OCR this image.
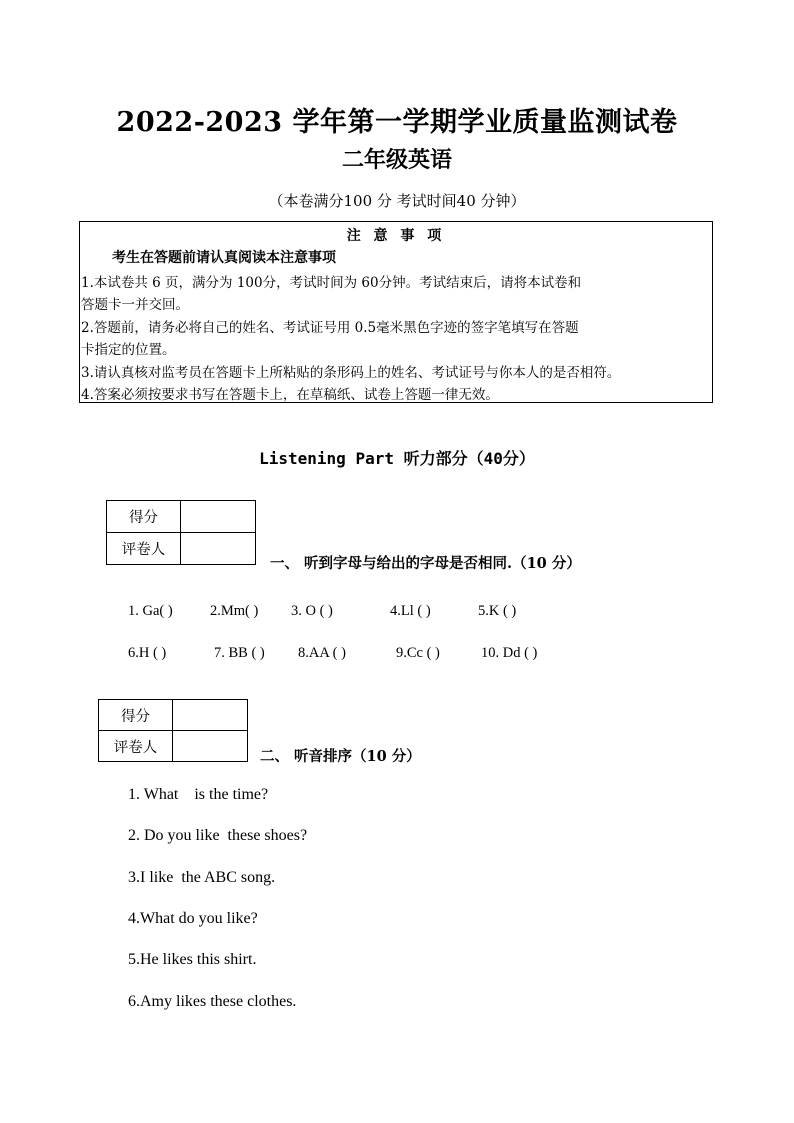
2022-2023 学年第一学期学业质量监测试卷
二年级英语
（本卷满分100 分 考试时间40 分钟）
注 意 事 项
考生在答题前请认真阅读本注意事项
1.本试卷共 6 页，满分为 100分，考试时间为 60分钟。考试结束后，请将本试卷和
答题卡一并交回。
2.答题前，请务必将自己的姓名、考试证号用 0.5毫米黑色字迹的签字笔填写在答题
卡指定的位置。
3.请认真核对监考员在答题卡上所粘贴的条形码上的姓名、考试证号与你本人的是否相符。
4.答案必须按要求书写在答题卡上，在草稿纸、试卷上答题一律无效。
Listening Part 听力部分（40分）
得分	
评卷人	
一、 听到字母与给出的字母是否相同.（10 分）
1. Ga( )	2.Mm( ) 3. O ( )	4.Ll ( )	5.K ( )
6.H ( )	7. BB ( ) 8.AA ( )	9.Cc ( )	10. Dd ( )
得分	
评卷人	
二、 听音排序（10 分）
1. What    is the time?
2. Do you like  these shoes?
3.I like  the ABC song.
4.What do you like?
5.He likes this shirt.
6.Amy likes these clothes.
